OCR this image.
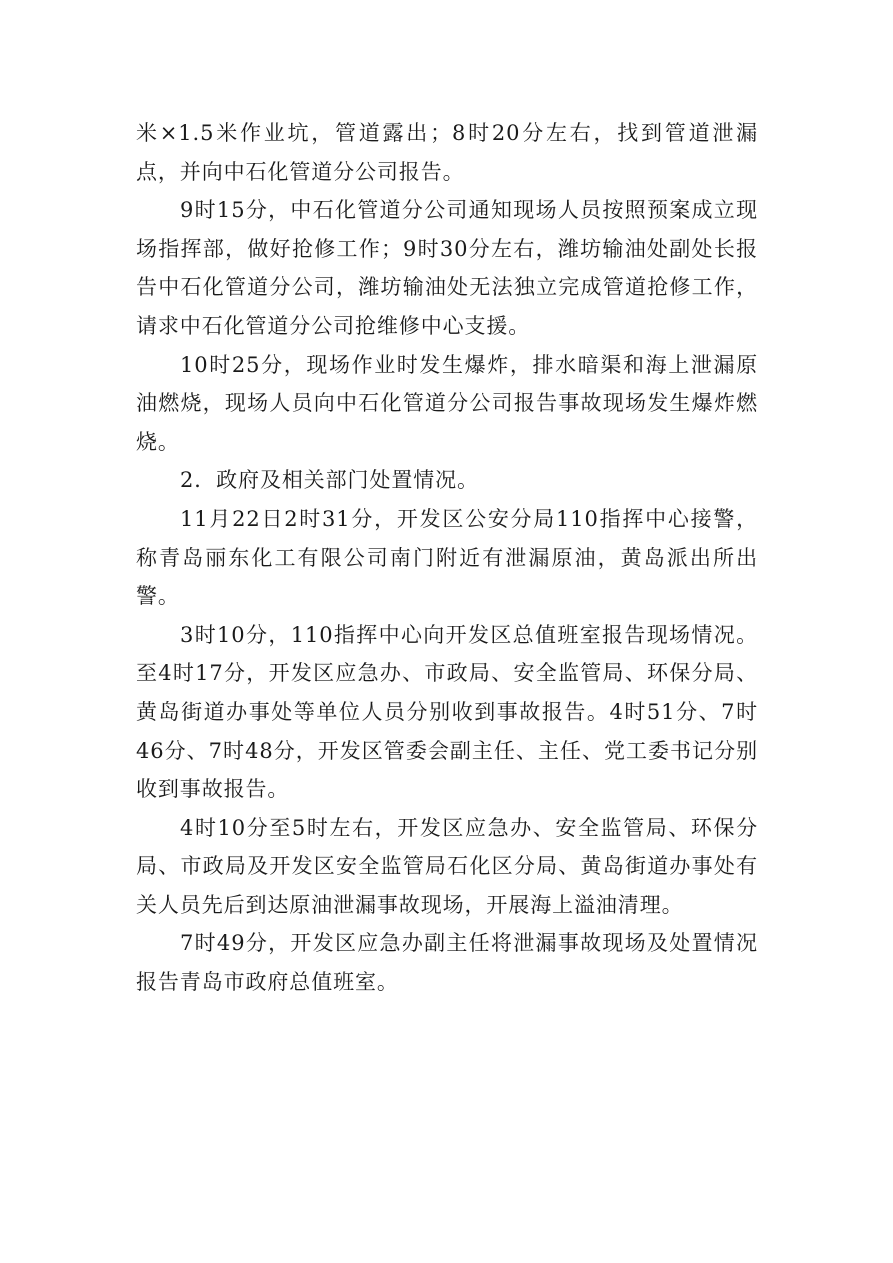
米×1.5米作业坑，管道露出；8时20分左右，找到管道泄漏点，并向中石化管道分公司报告。

9时15分，中石化管道分公司通知现场人员按照预案成立现场指挥部，做好抢修工作；9时30分左右，潍坊输油处副处长报告中石化管道分公司，潍坊输油处无法独立完成管道抢修工作，请求中石化管道分公司抢维修中心支援。

10时25分，现场作业时发生爆炸，排水暗渠和海上泄漏原油燃烧，现场人员向中石化管道分公司报告事故现场发生爆炸燃烧。

2．政府及相关部门处置情况。

11月22日2时31分，开发区公安分局110指挥中心接警，称青岛丽东化工有限公司南门附近有泄漏原油，黄岛派出所出警。

3时10分，110指挥中心向开发区总值班室报告现场情况。至4时17分，开发区应急办、市政局、安全监管局、环保分局、黄岛街道办事处等单位人员分别收到事故报告。4时51分、7时46分、7时48分，开发区管委会副主任、主任、党工委书记分别收到事故报告。

4时10分至5时左右，开发区应急办、安全监管局、环保分局、市政局及开发区安全监管局石化区分局、黄岛街道办事处有关人员先后到达原油泄漏事故现场，开展海上溢油清理。

7时49分，开发区应急办副主任将泄漏事故现场及处置情况报告青岛市政府总值班室。
